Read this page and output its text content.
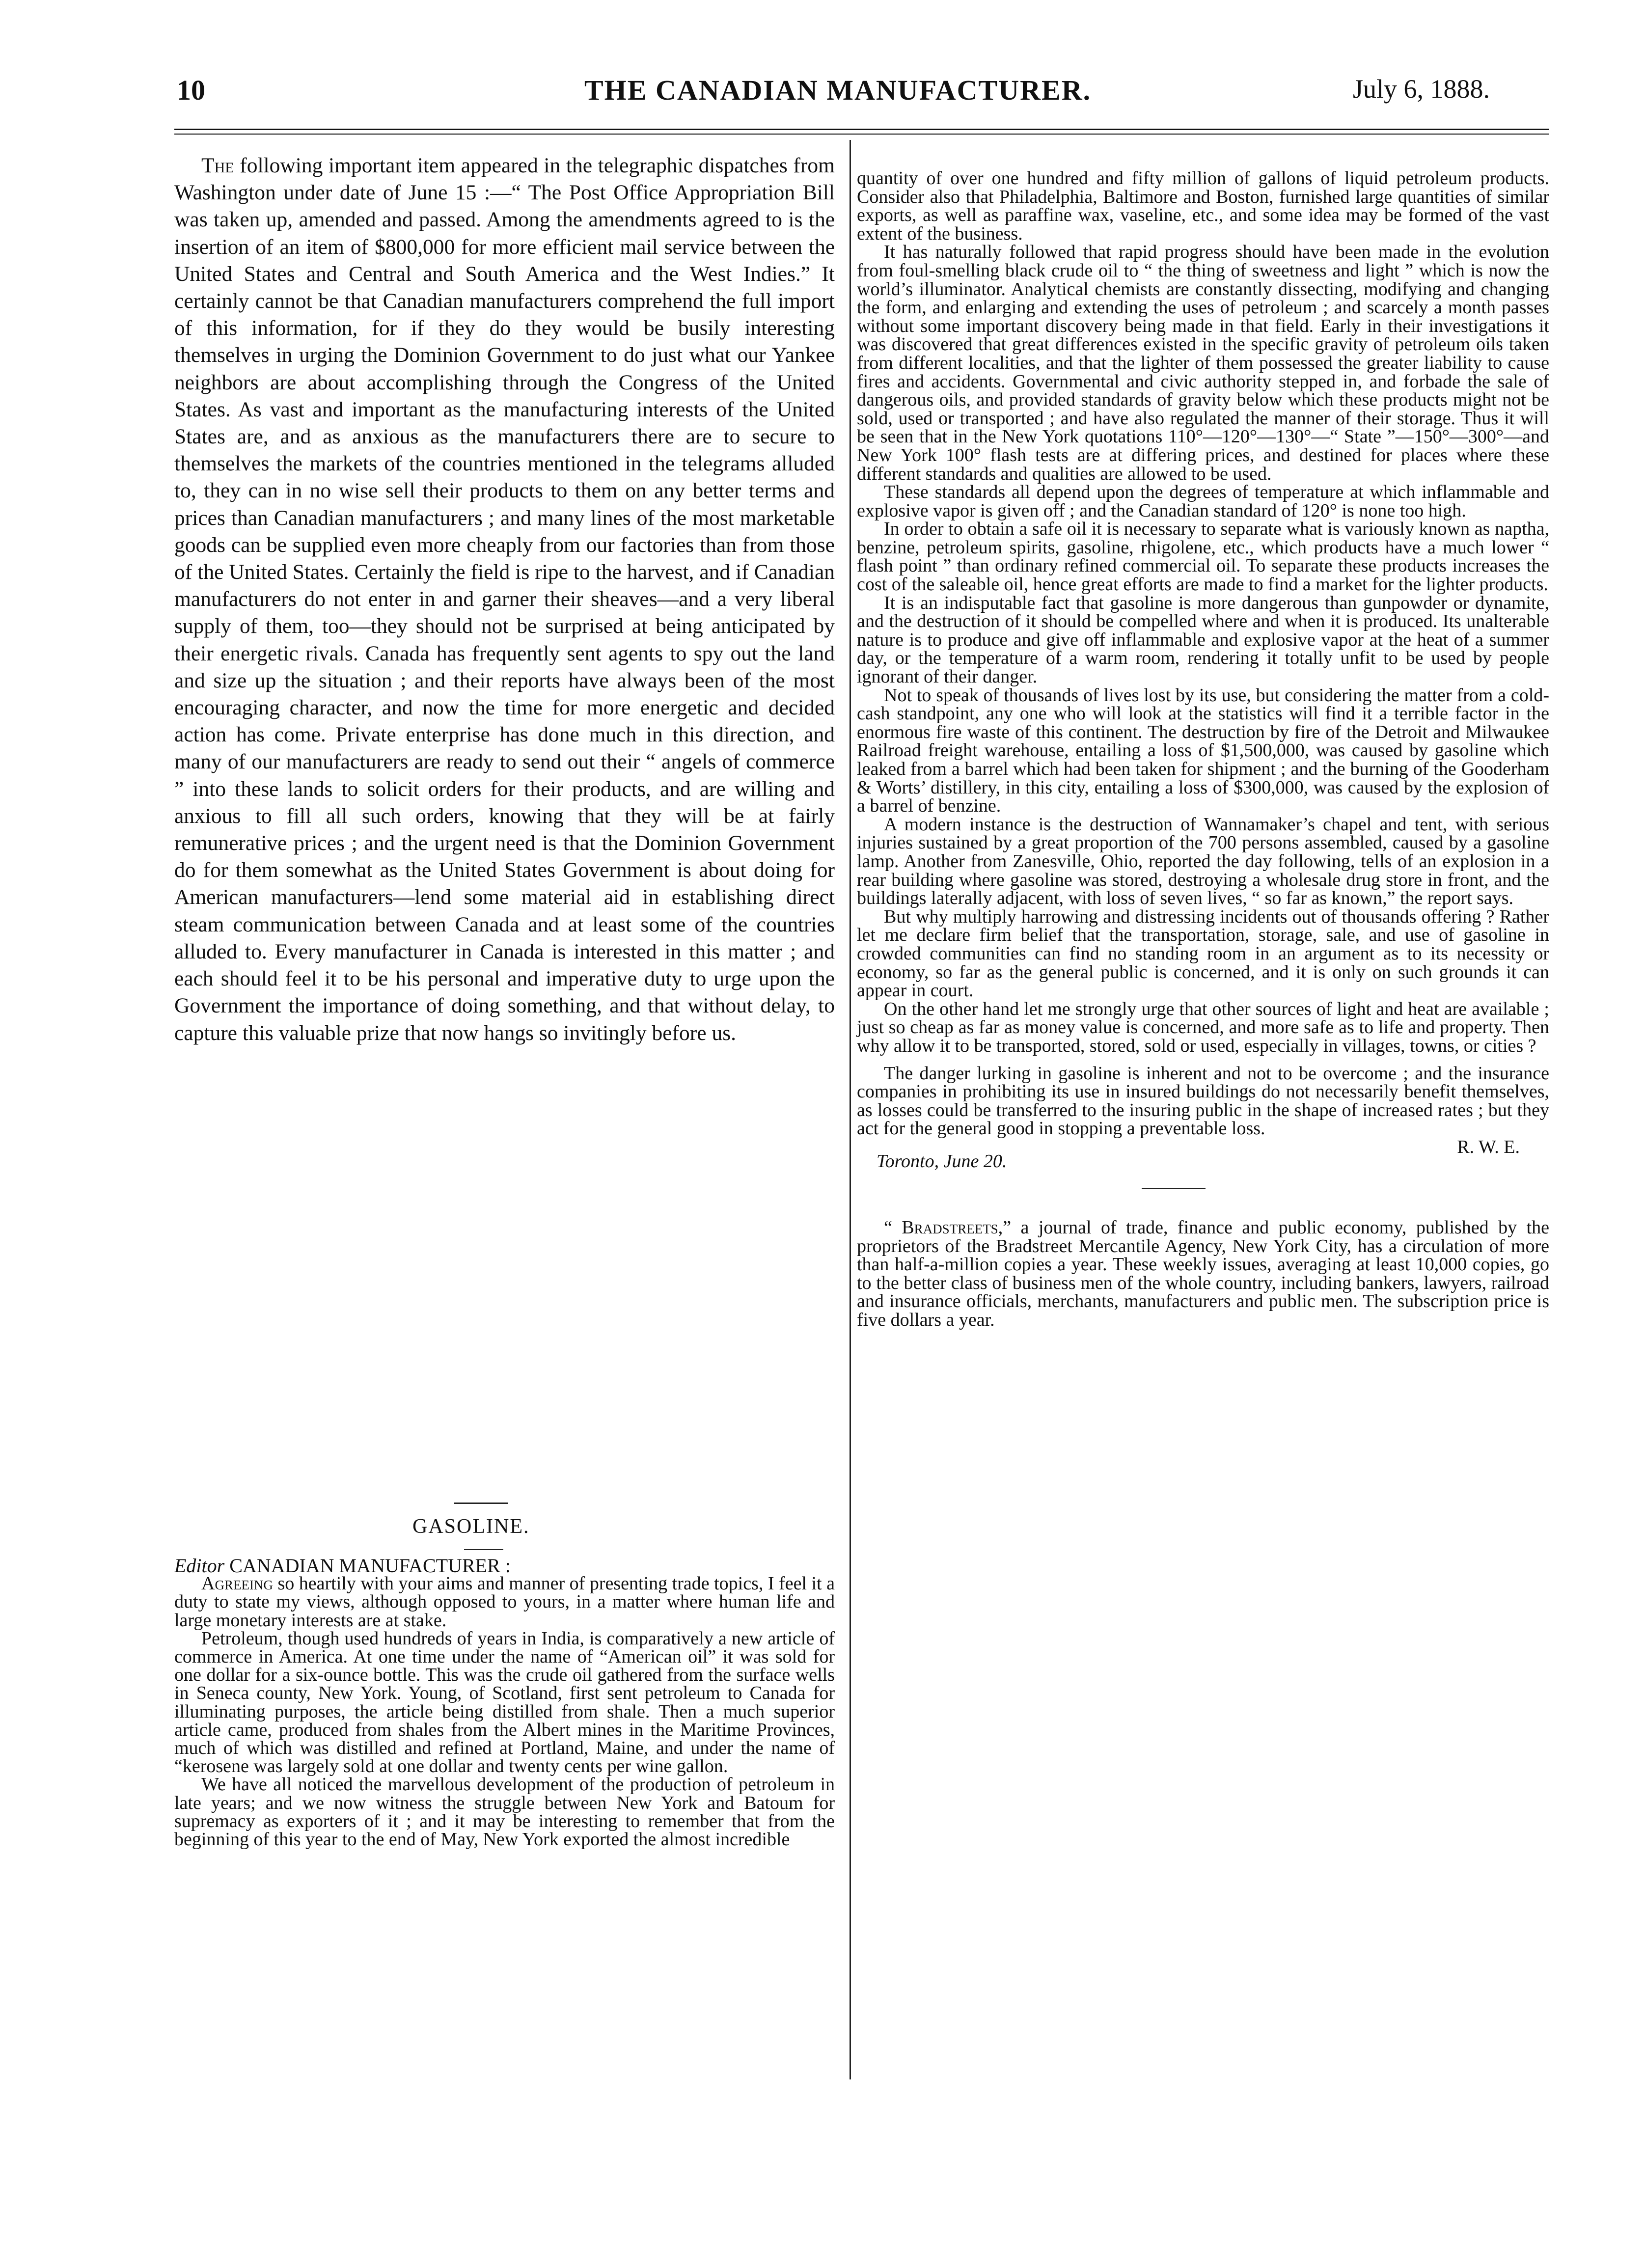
10	THE CANADIAN MANUFACTURER.	July 6, 1888.

The following important item appeared in the telegraphic dispatches from Washington under date of June 15 :—“ The Post Office Appropriation Bill was taken up, amended and passed. Among the amendments agreed to is the insertion of an item of $800,000 for more efficient mail service between the United States and Central and South America and the West Indies.” It certainly cannot be that Canadian manufacturers comprehend the full import of this information, for if they do they would be busily interesting themselves in urging the Dominion Government to do just what our Yankee neighbors are about accomplishing through the Congress of the United States. As vast and important as the manufacturing interests of the United States are, and as anxious as the manufacturers there are to secure to themselves the markets of the countries mentioned in the telegrams alluded to, they can in no wise sell their products to them on any better terms and prices than Canadian manufacturers ; and many lines of the most marketable goods can be supplied even more cheaply from our factories than from those of the United States. Certainly the field is ripe to the harvest, and if Canadian manufacturers do not enter in and garner their sheaves—and a very liberal supply of them, too—they should not be surprised at being anticipated by their energetic rivals. Canada has frequently sent agents to spy out the land and size up the situation ; and their reports have always been of the most encouraging character, and now the time for more energetic and decided action has come. Private enterprise has done much in this direction, and many of our manufacturers are ready to send out their “ angels of commerce ” into these lands to solicit orders for their products, and are willing and anxious to fill all such orders, knowing that they will be at fairly remunerative prices ; and the urgent need is that the Dominion Government do for them somewhat as the United States Government is about doing for American manufacturers—lend some material aid in establishing direct steam communication between Canada and at least some of the countries alluded to. Every manufacturer in Canada is interested in this matter ; and each should feel it to be his personal and imperative duty to urge upon the Government the importance of doing something, and that without delay, to capture this valuable prize that now hangs so invitingly before us.

GASOLINE.
Editor CANADIAN MANUFACTURER :

Agreeing so heartily with your aims and manner of presenting trade topics, I feel it a duty to state my views, although opposed to yours, in a matter where human life and large monetary interests are at stake.

Petroleum, though used hundreds of years in India, is comparatively a new article of commerce in America. At one time under the name of “American oil” it was sold for one dollar for a six-ounce bottle. This was the crude oil gathered from the surface wells in Seneca county, New York. Young, of Scotland, first sent petroleum to Canada for illuminating purposes, the article being distilled from shale. Then a much superior article came, produced from shales from the Albert mines in the Maritime Provinces, much of which was distilled and refined at Portland, Maine, and under the name of “kerosene was largely sold at one dollar and twenty cents per wine gallon.

We have all noticed the marvellous development of the production of petroleum in late years; and we now witness the struggle between New York and Batoum for supremacy as exporters of it ; and it may be interesting to remember that from the beginning of this year to the end of May, New York exported the almost incredible

quantity of over one hundred and fifty million of gallons of liquid petroleum products. Consider also that Philadelphia, Baltimore and Boston, furnished large quantities of similar exports, as well as paraffine wax, vaseline, etc., and some idea may be formed of the vast extent of the business.

It has naturally followed that rapid progress should have been made in the evolution from foul-smelling black crude oil to “ the thing of sweetness and light ” which is now the world’s illuminator. Analytical chemists are constantly dissecting, modifying and changing the form, and enlarging and extending the uses of petroleum ; and scarcely a month passes without some important discovery being made in that field. Early in their investigations it was discovered that great differences existed in the specific gravity of petroleum oils taken from different localities, and that the lighter of them possessed the greater liability to cause fires and accidents. Governmental and civic authority stepped in, and forbade the sale of dangerous oils, and provided standards of gravity below which these products might not be sold, used or transported ; and have also regulated the manner of their storage. Thus it will be seen that in the New York quotations 110°—120°—130°—“ State ”—150°—300°—and New York 100° flash tests are at differing prices, and destined for places where these different standards and qualities are allowed to be used.

These standards all depend upon the degrees of temperature at which inflammable and explosive vapor is given off ; and the Canadian standard of 120° is none too high.

In order to obtain a safe oil it is necessary to separate what is variously known as naptha, benzine, petroleum spirits, gasoline, rhigolene, etc., which products have a much lower “ flash point ” than ordinary refined commercial oil. To separate these products increases the cost of the saleable oil, hence great efforts are made to find a market for the lighter products.

It is an indisputable fact that gasoline is more dangerous than gunpowder or dynamite, and the destruction of it should be compelled where and when it is produced. Its unalterable nature is to produce and give off inflammable and explosive vapor at the heat of a summer day, or the temperature of a warm room, rendering it totally unfit to be used by people ignorant of their danger.

Not to speak of thousands of lives lost by its use, but considering the matter from a cold-cash standpoint, any one who will look at the statistics will find it a terrible factor in the enormous fire waste of this continent. The destruction by fire of the Detroit and Milwaukee Railroad freight warehouse, entailing a loss of $1,500,000, was caused by gasoline which leaked from a barrel which had been taken for shipment ; and the burning of the Gooderham & Worts’ distillery, in this city, entailing a loss of $300,000, was caused by the explosion of a barrel of benzine.

A modern instance is the destruction of Wannamaker’s chapel and tent, with serious injuries sustained by a great proportion of the 700 persons assembled, caused by a gasoline lamp. Another from Zanesville, Ohio, reported the day following, tells of an explosion in a rear building where gasoline was stored, destroying a wholesale drug store in front, and the buildings laterally adjacent, with loss of seven lives, “ so far as known,” the report says.

But why multiply harrowing and distressing incidents out of thousands offering ? Rather let me declare firm belief that the transportation, storage, sale, and use of gasoline in crowded communities can find no standing room in an argument as to its necessity or economy, so far as the general public is concerned, and it is only on such grounds it can appear in court.

On the other hand let me strongly urge that other sources of light and heat are available ; just so cheap as far as money value is concerned, and more safe as to life and property. Then why allow it to be transported, stored, sold or used, especially in villages, towns, or cities ?

The danger lurking in gasoline is inherent and not to be overcome ; and the insurance companies in prohibiting its use in insured buildings do not necessarily benefit themselves, as losses could be transferred to the insuring public in the shape of increased rates ; but they act for the general good in stopping a preventable loss.

R. W. E.
Toronto, June 20.

“ Bradstreets,” a journal of trade, finance and public economy, published by the proprietors of the Bradstreet Mercantile Agency, New York City, has a circulation of more than half-a-million copies a year. These weekly issues, averaging at least 10,000 copies, go to the better class of business men of the whole country, including bankers, lawyers, railroad and insurance officials, merchants, manufacturers and public men. The subscription price is five dollars a year.
